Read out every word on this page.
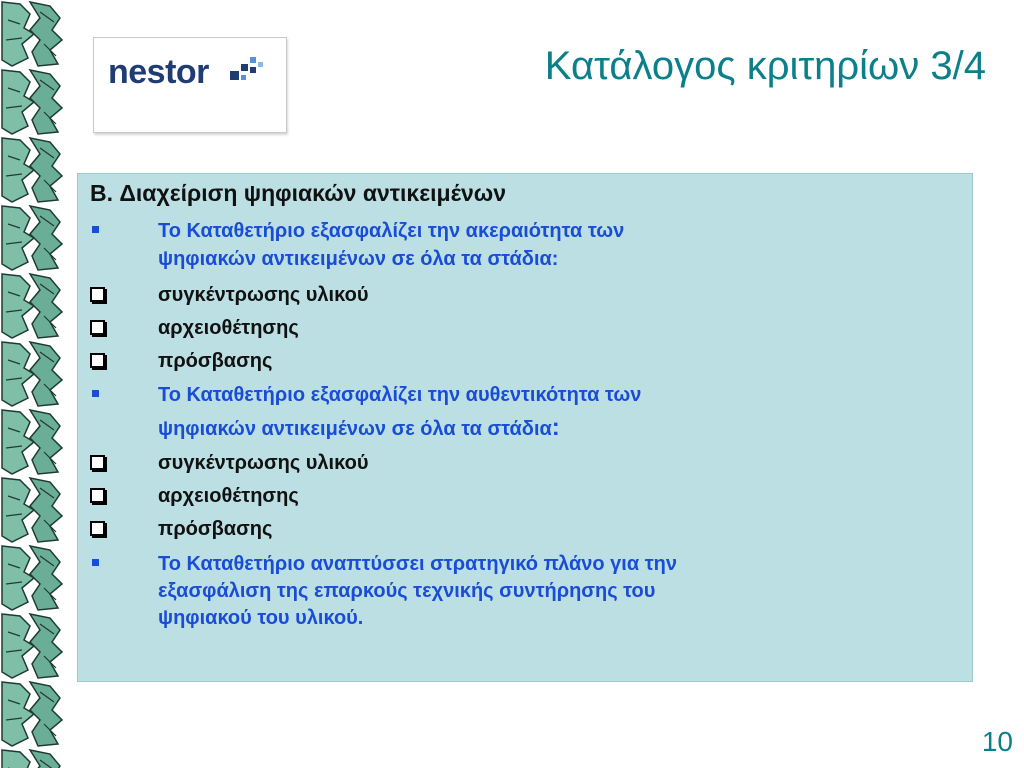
nestor	Κατάλογος κριτηρίων 3/4
B. Διαχείριση ψηφιακών αντικειμένων
Το Καταθετήριο εξασφαλίζει την ακεραιότητα των
ψηφιακών αντικειμένων σε όλα τα στάδια:
συγκέντρωσης υλικού
αρχειοθέτησης
πρόσβασης
Το Καταθετήριο εξασφαλίζει την αυθεντικότητα των
ψηφιακών αντικειμένων σε όλα τα στάδια:
συγκέντρωσης υλικού
αρχειοθέτησης
πρόσβασης
Το Καταθετήριο αναπτύσσει στρατηγικό πλάνο για την
εξασφάλιση της επαρκούς τεχνικής συντήρησης του
ψηφιακού του υλικού.
10
